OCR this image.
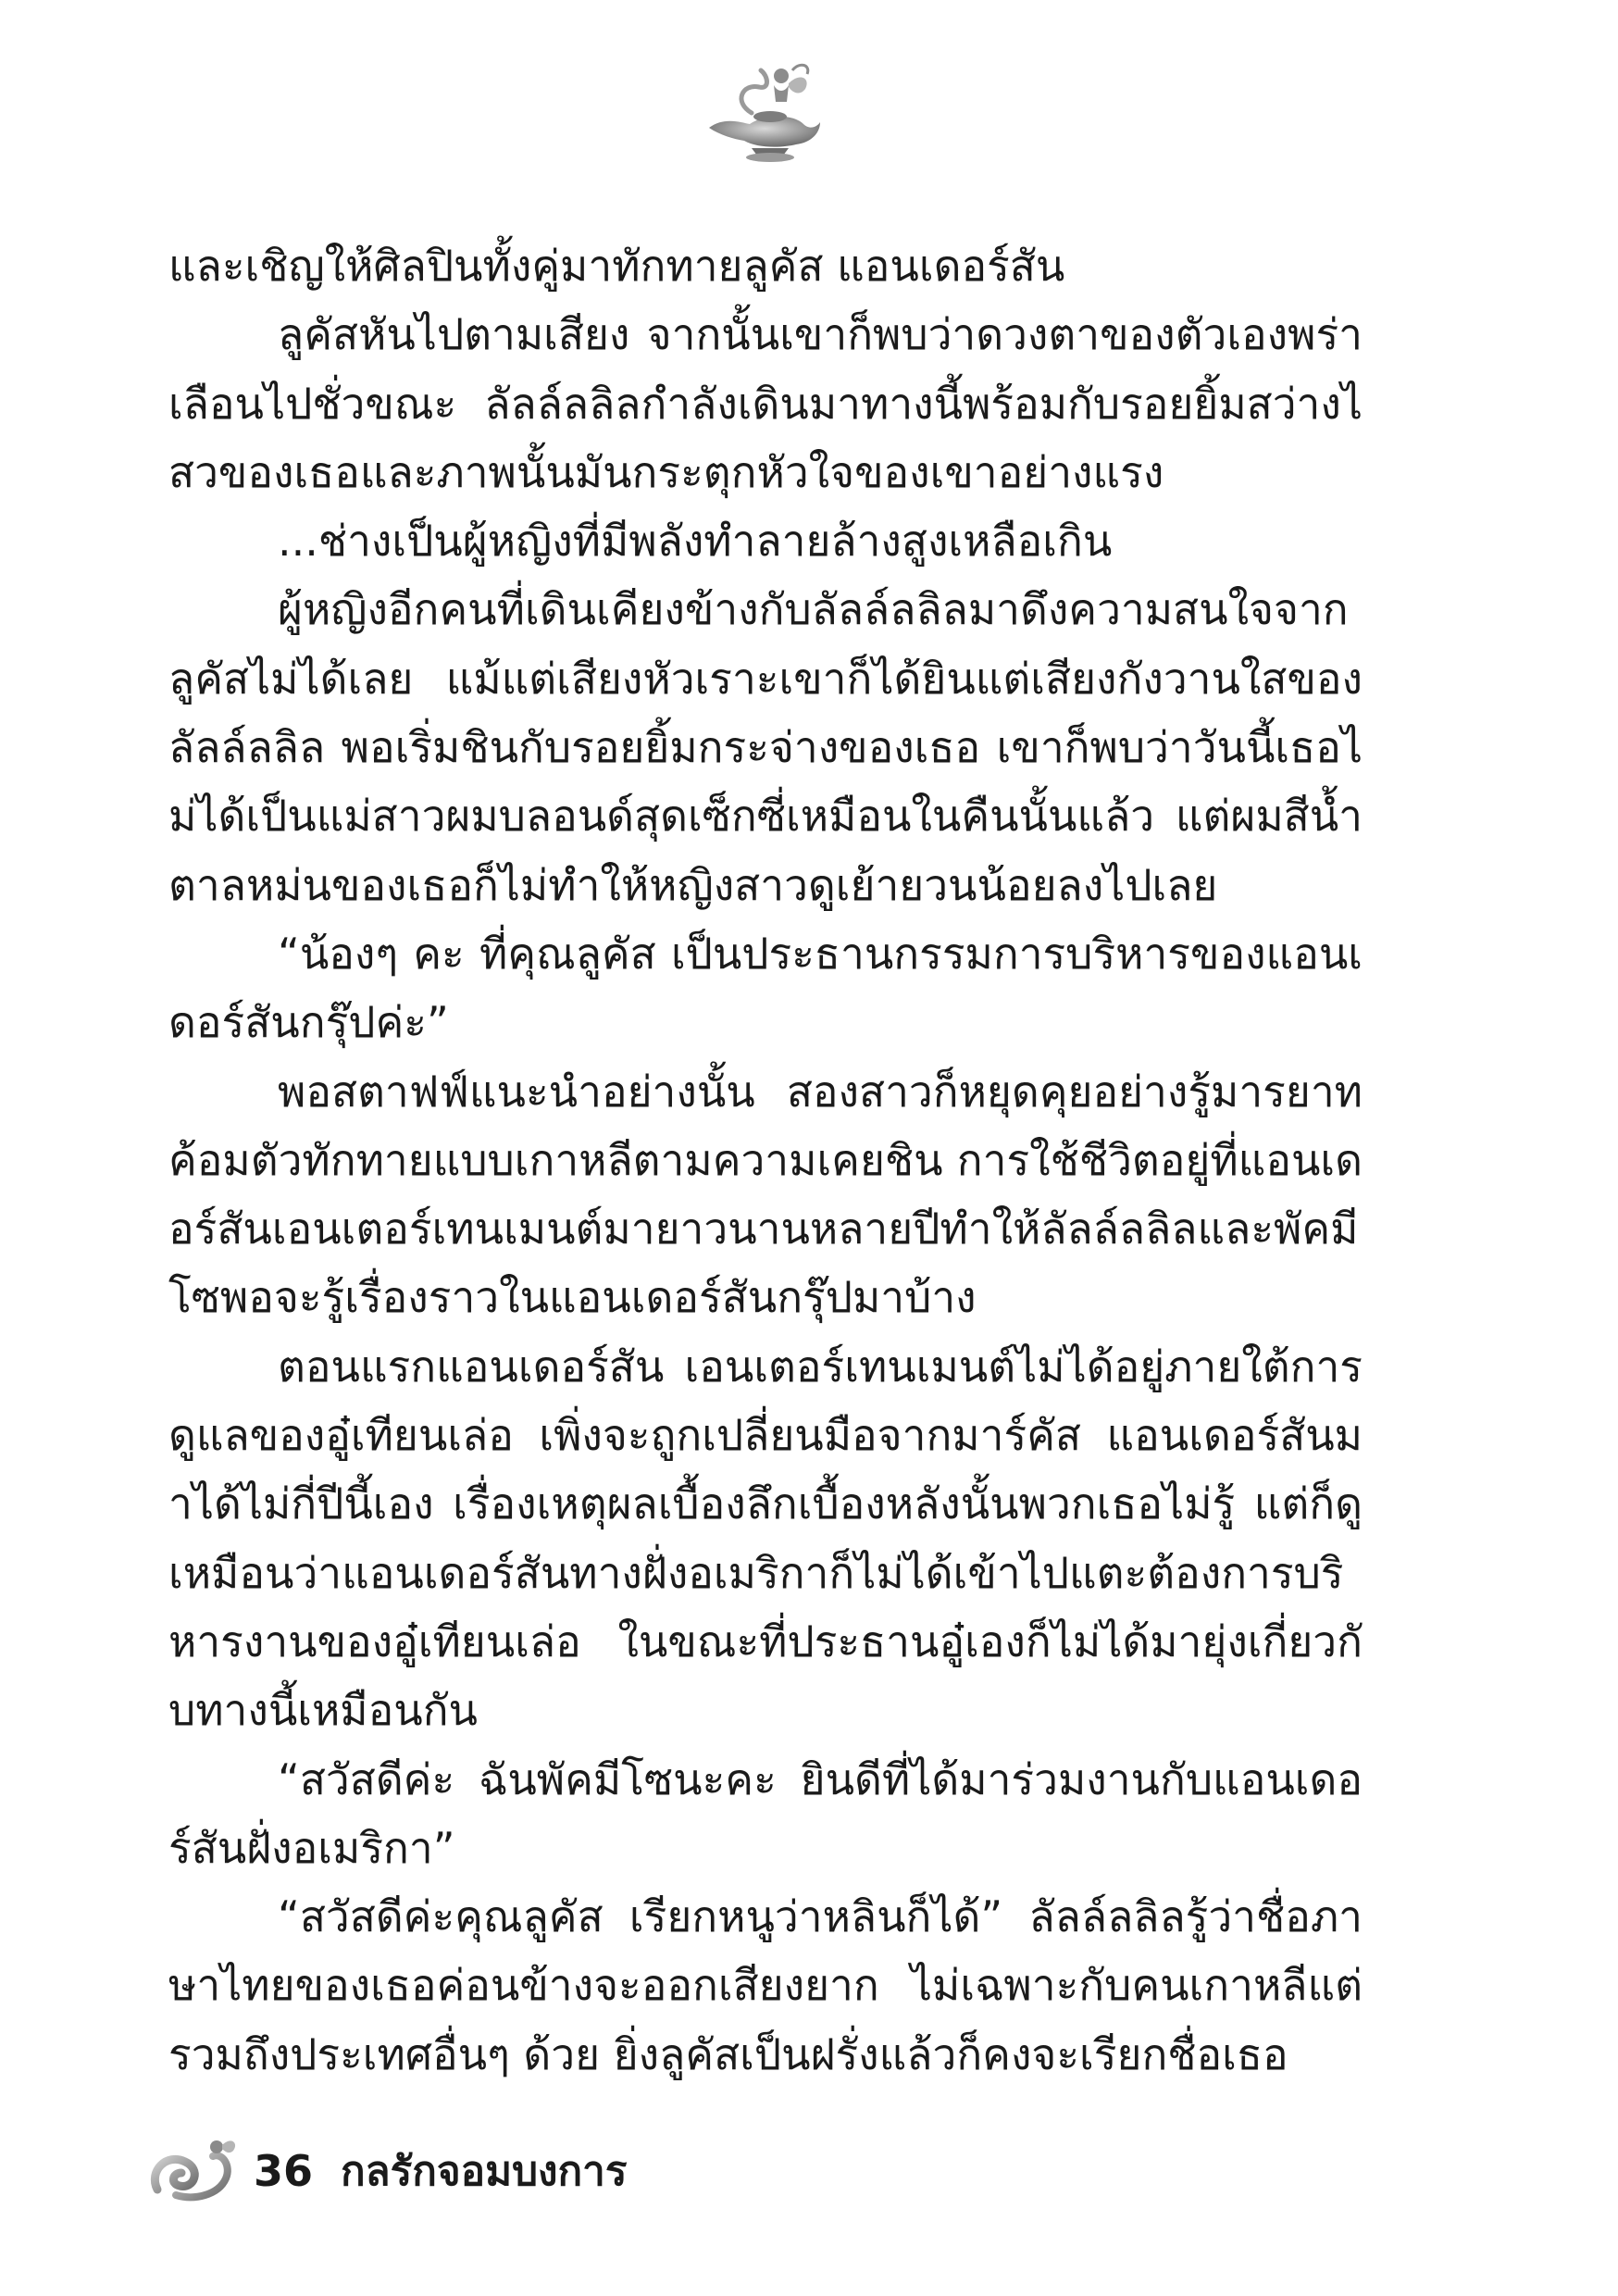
และเชิญให้ศิลปินทั้งคู่มาทักทายลูคัส แอนเดอร์สัน

ลูคัสหันไปตามเสียง จากนั้นเขาก็พบว่าดวงตาของตัวเองพร่าเลือนไปชั่วขณะ ลัลล์ลลิลกำลังเดินมาทางนี้พร้อมกับรอยยิ้มสว่างไสวของเธอและภาพนั้นมันกระตุกหัวใจของเขาอย่างแรง

...ช่างเป็นผู้หญิงที่มีพลังทำลายล้างสูงเหลือเกิน

ผู้หญิงอีกคนที่เดินเคียงข้างกับลัลล์ลลิลมาดึงความสนใจจากลูคัสไม่ได้เลย แม้แต่เสียงหัวเราะเขาก็ได้ยินแต่เสียงกังวานใสของลัลล์ลลิล พอเริ่มชินกับรอยยิ้มกระจ่างของเธอ เขาก็พบว่าวันนี้เธอไม่ได้เป็นแม่สาวผมบลอนด์สุดเซ็กซี่เหมือนในคืนนั้นแล้ว แต่ผมสีน้ำตาลหม่นของเธอก็ไม่ทำให้หญิงสาวดูเย้ายวนน้อยลงไปเลย

“น้องๆ คะ ที่คุณลูคัส เป็นประธานกรรมการบริหารของแอนเดอร์สันกรุ๊ปค่ะ”

พอสตาฟฟ์แนะนำอย่างนั้น สองสาวก็หยุดคุยอย่างรู้มารยาทค้อมตัวทักทายแบบเกาหลีตามความเคยชิน การใช้ชีวิตอยู่ที่แอนเดอร์สันเอนเตอร์เทนเมนต์มายาวนานหลายปีทำให้ลัลล์ลลิลและพัคมีโซพอจะรู้เรื่องราวในแอนเดอร์สันกรุ๊ปมาบ้าง

ตอนแรกแอนเดอร์สัน เอนเตอร์เทนเมนต์ไม่ได้อยู่ภายใต้การดูแลของอู๋เทียนเล่อ เพิ่งจะถูกเปลี่ยนมือจากมาร์คัส แอนเดอร์สันมาได้ไม่กี่ปีนี้เอง เรื่องเหตุผลเบื้องลึกเบื้องหลังนั้นพวกเธอไม่รู้ แต่ก็ดูเหมือนว่าแอนเดอร์สันทางฝั่งอเมริกาก็ไม่ได้เข้าไปแตะต้องการบริหารงานของอู๋เทียนเล่อ ในขณะที่ประธานอู๋เองก็ไม่ได้มายุ่งเกี่ยวกับทางนี้เหมือนกัน

“สวัสดีค่ะ ฉันพัคมีโซนะคะ ยินดีที่ได้มาร่วมงานกับแอนเดอร์สันฝั่งอเมริกา”

“สวัสดีค่ะคุณลูคัส เรียกหนูว่าหลินก็ได้” ลัลล์ลลิลรู้ว่าชื่อภาษาไทยของเธอค่อนข้างจะออกเสียงยาก ไม่เฉพาะกับคนเกาหลีแต่รวมถึงประเทศอื่นๆ ด้วย ยิ่งลูคัสเป็นฝรั่งแล้วก็คงจะเรียกชื่อเธอ

36 กลรักจอมบงการ
